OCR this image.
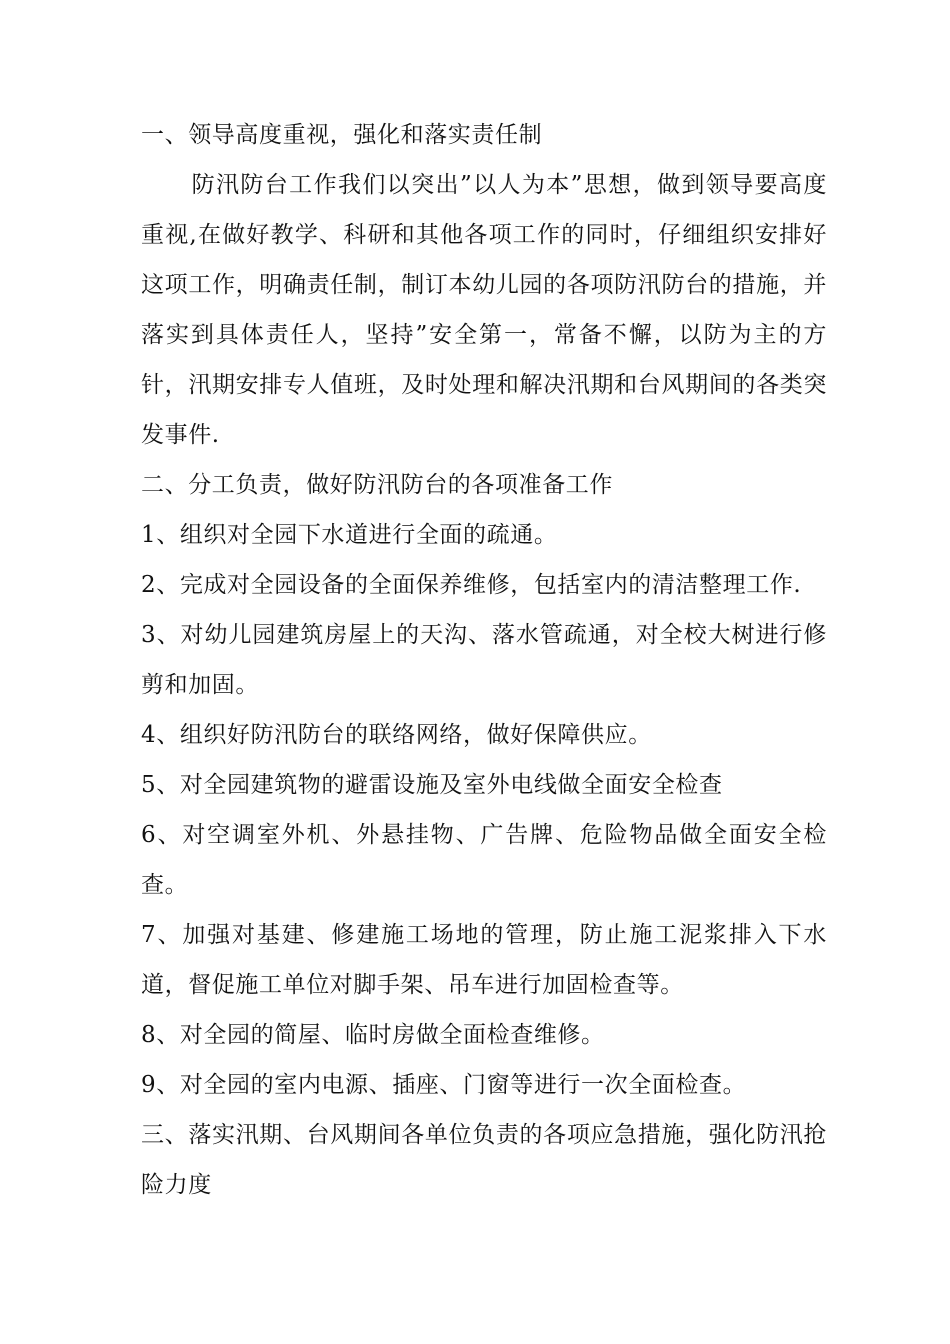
一、领导高度重视，强化和落实责任制

防汛防台工作我们以突出”以人为本”思想，做到领导要高度重视,在做好教学、科研和其他各项工作的同时，仔细组织安排好这项工作，明确责任制，制订本幼儿园的各项防汛防台的措施，并落实到具体责任人，坚持”安全第一，常备不懈，以防为主的方针，汛期安排专人值班，及时处理和解决汛期和台风期间的各类突发事件.

二、分工负责，做好防汛防台的各项准备工作

1、组织对全园下水道进行全面的疏通。

2、完成对全园设备的全面保养维修，包括室内的清洁整理工作.

3、对幼儿园建筑房屋上的天沟、落水管疏通，对全校大树进行修剪和加固。

4、组织好防汛防台的联络网络，做好保障供应。

5、对全园建筑物的避雷设施及室外电线做全面安全检查

6、对空调室外机、外悬挂物、广告牌、危险物品做全面安全检查。

7、加强对基建、修建施工场地的管理，防止施工泥浆排入下水道，督促施工单位对脚手架、吊车进行加固检查等。

8、对全园的简屋、临时房做全面检查维修。

9、对全园的室内电源、插座、门窗等进行一次全面检查。

三、落实汛期、台风期间各单位负责的各项应急措施，强化防汛抢险力度
